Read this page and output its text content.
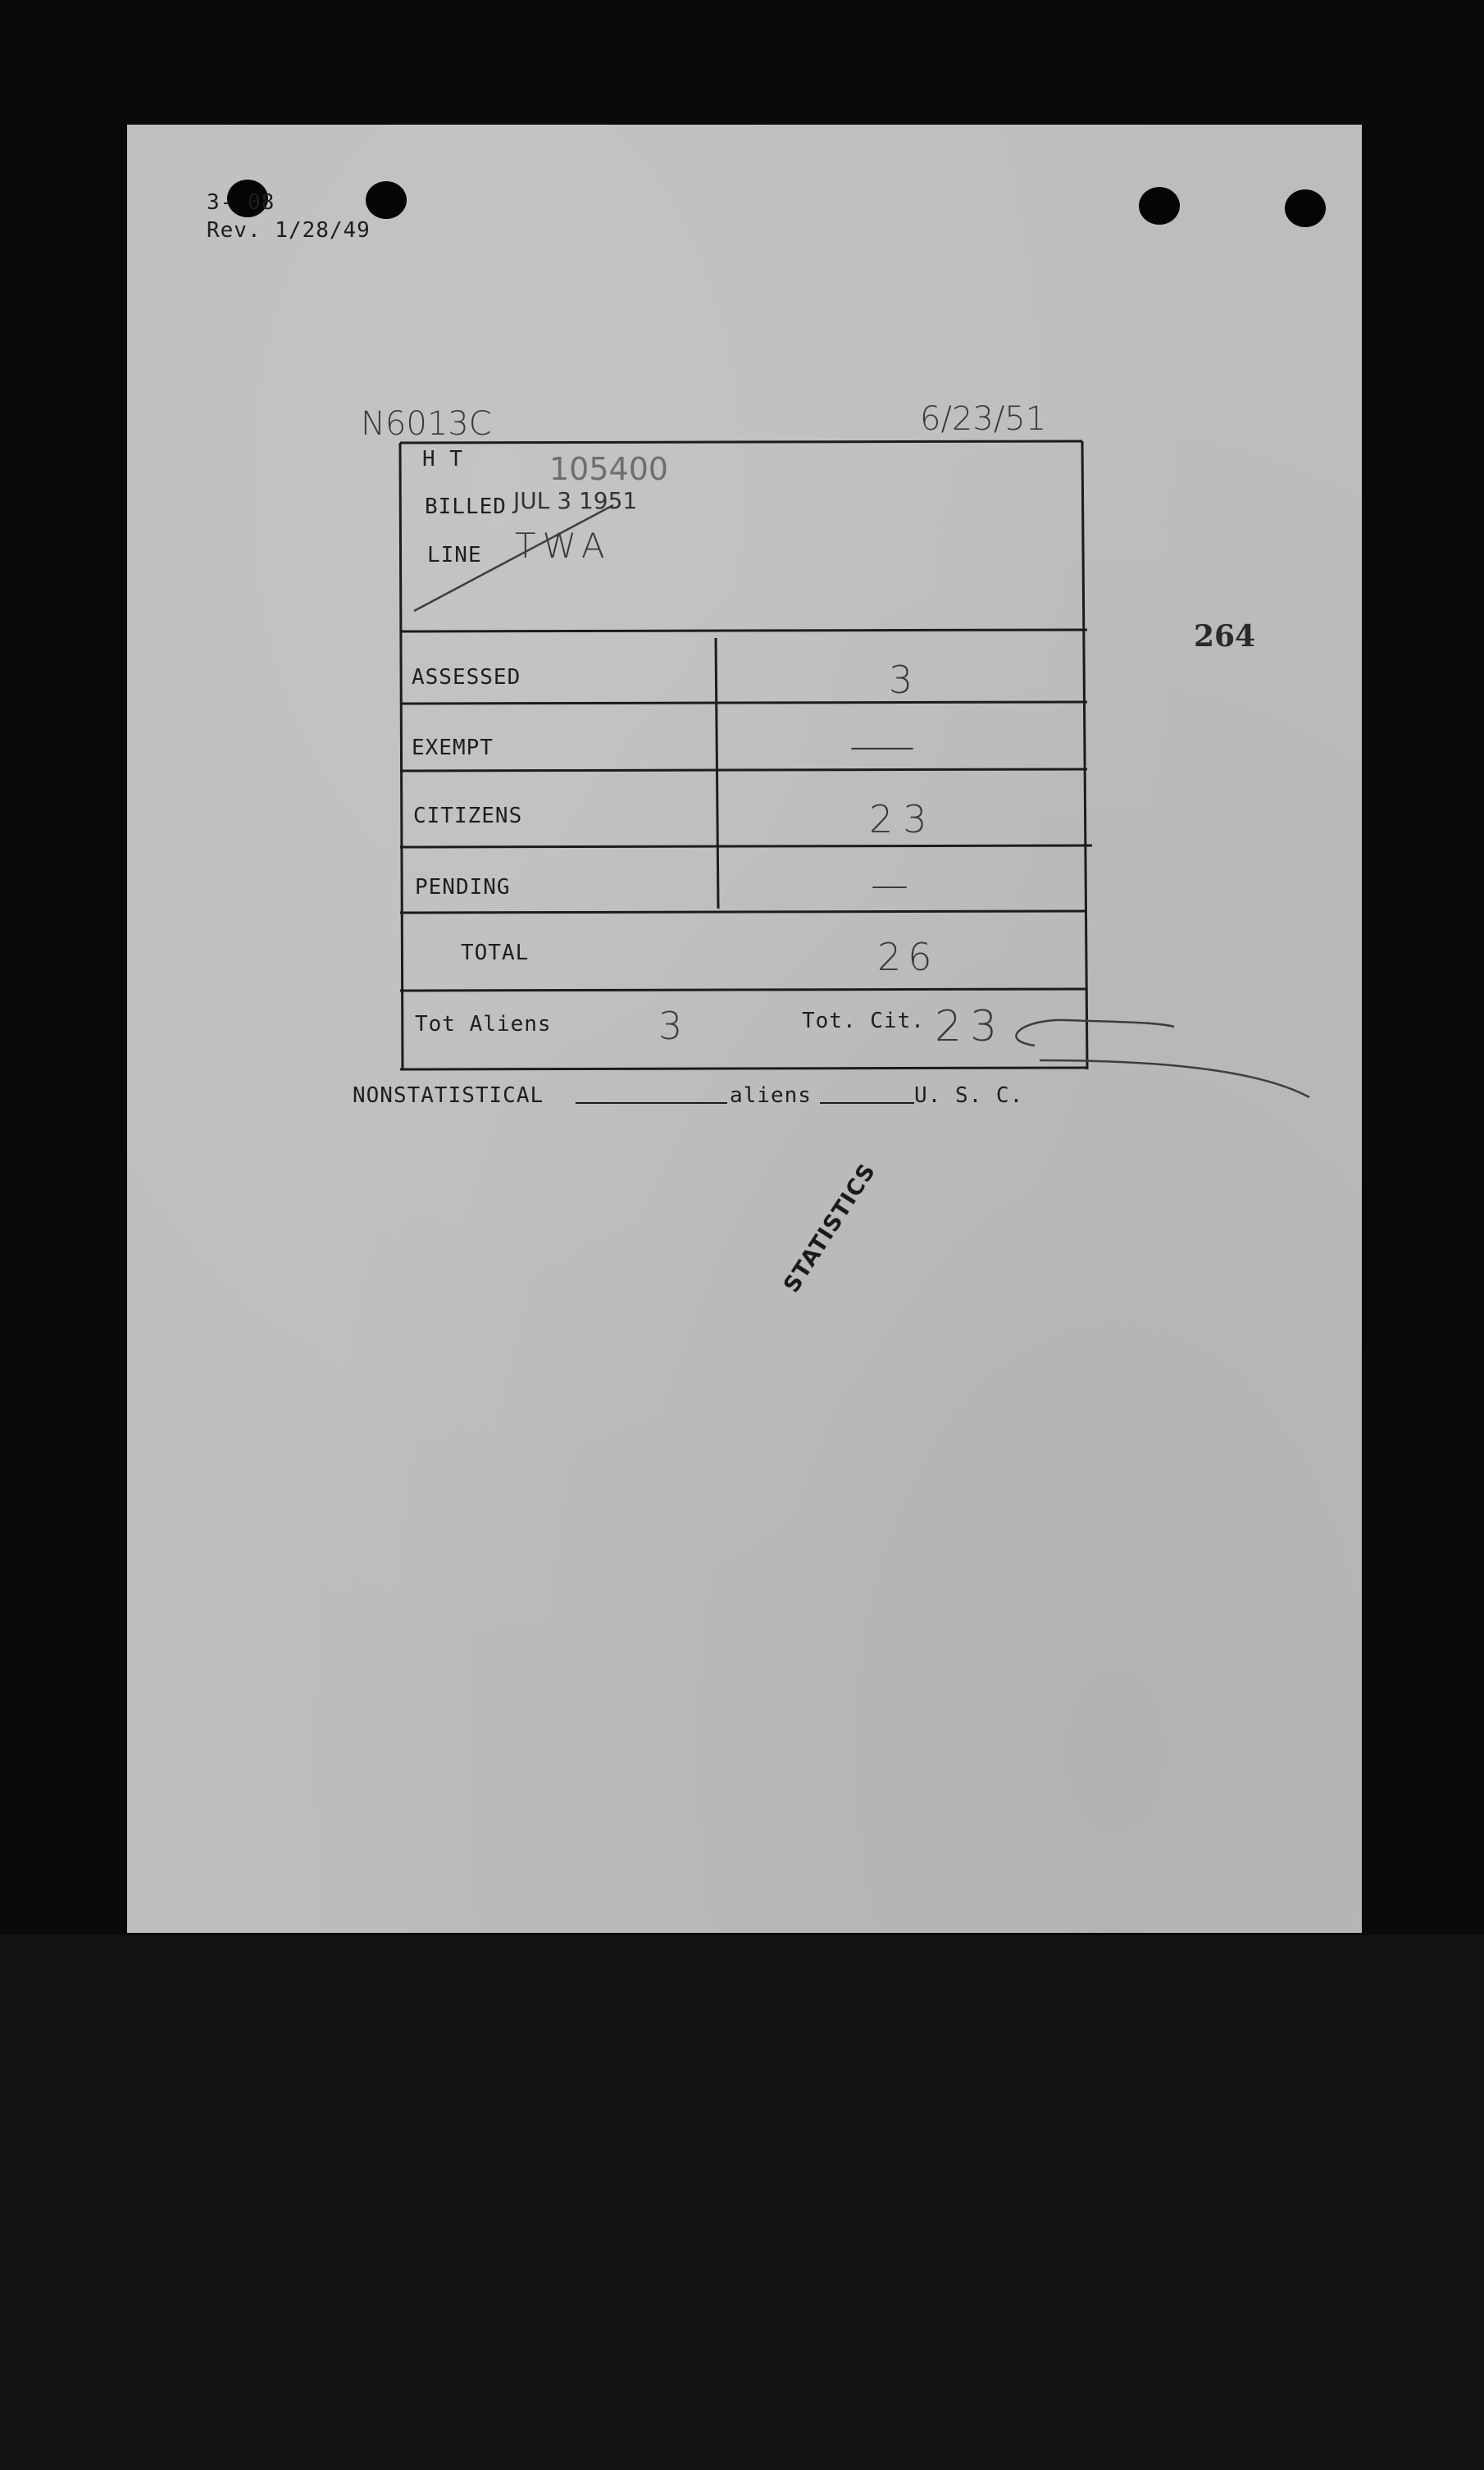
3- 08
Rev. 1/28/49
N6013C	6/23/51
105400
H T
BILLED JUL 3 1951
LINE TWA
ASSESSED	3
EXEMPT	—
CITIZENS	23
PENDING	—
TOTAL	26
Tot Aliens	3	Tot. Cit. 23
NONSTATISTICAL	aliens	U. S. C.
264
STATISTICS
